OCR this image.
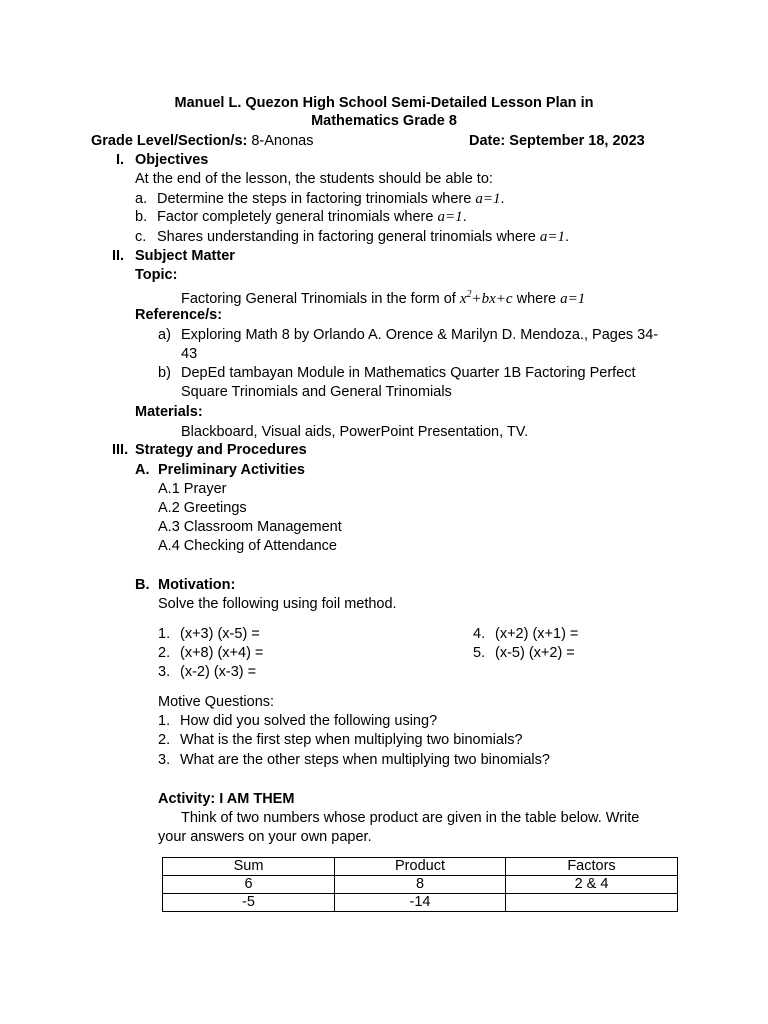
Manuel L. Quezon High School Semi-Detailed Lesson Plan in
Mathematics Grade 8
Grade Level/Section/s: 8-Anonas	Date: September 18, 2023
I. Objectives
At the end of the lesson, the students should be able to:
a. Determine the steps in factoring trinomials where a=1.
b. Factor completely general trinomials where a=1.
c. Shares understanding in factoring general trinomials where a=1.
II. Subject Matter
Topic:
Factoring General Trinomials in the form of $x^2+bx+c$ where a=1
Reference/s:
a) Exploring Math 8 by Orlando A. Orence & Marilyn D. Mendoza., Pages 34-
43
b) DepEd tambayan Module in Mathematics Quarter 1B Factoring Perfect
Square Trinomials and General Trinomials
Materials:
Blackboard, Visual aids, PowerPoint Presentation, TV.
III. Strategy and Procedures
A. Preliminary Activities
A.1 Prayer
A.2 Greetings
A.3 Classroom Management
A.4 Checking of Attendance
B. Motivation:
Solve the following using foil method.
1. (x+3) (x-5) =
2. (x+8) (x+4) =
3. (x-2) (x-3) =
4. (x+2) (x+1) =
5. (x-5) (x+2) =
Motive Questions:
1. How did you solved the following using?
2. What is the first step when multiplying two binomials?
3. What are the other steps when multiplying two binomials?
Activity: I AM THEM
Think of two numbers whose product are given in the table below. Write
your answers on your own paper.
Sum	Product	Factors
6	8	2 & 4
-5	-14	
